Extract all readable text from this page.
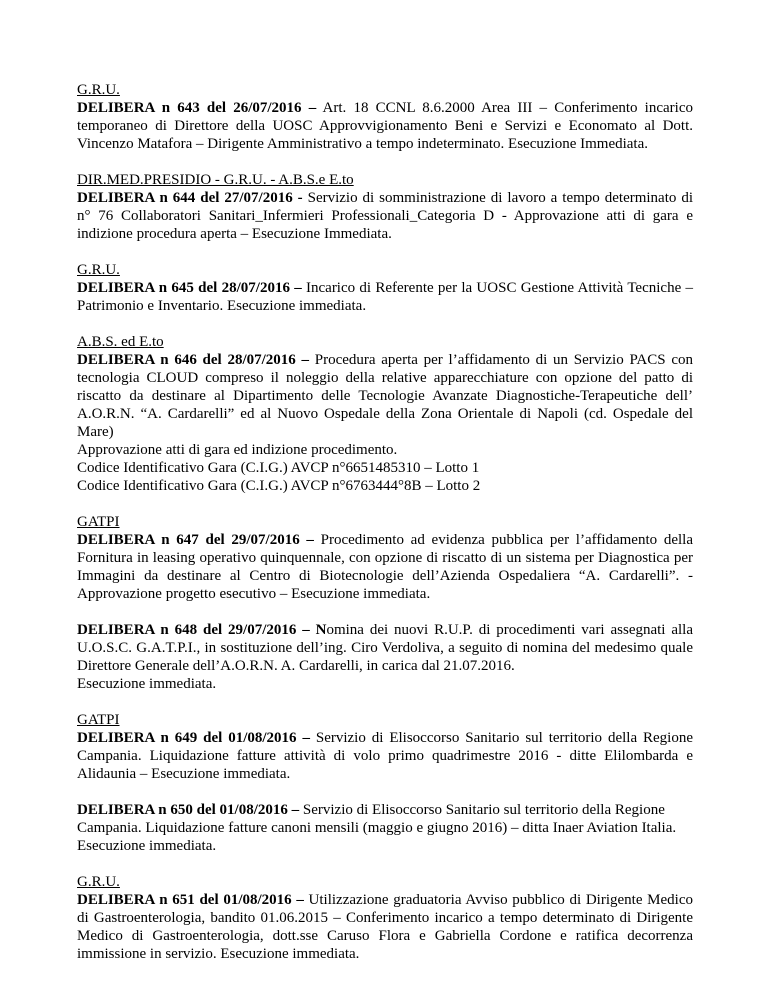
G.R.U.
DELIBERA n 643 del 26/07/2016 – Art. 18 CCNL 8.6.2000 Area III – Conferimento incarico temporaneo di Direttore della UOSC Approvvigionamento Beni e Servizi e Economato al Dott. Vincenzo Matafora – Dirigente Amministrativo a tempo indeterminato. Esecuzione Immediata.

DIR.MED.PRESIDIO - G.R.U. - A.B.S.e E.to
DELIBERA n 644 del 27/07/2016 - Servizio di somministrazione di lavoro a tempo determinato di n° 76 Collaboratori Sanitari_Infermieri Professionali_Categoria D - Approvazione atti di gara e indizione procedura aperta – Esecuzione Immediata.

G.R.U.
DELIBERA n 645 del 28/07/2016 – Incarico di Referente per la UOSC Gestione Attività Tecniche – Patrimonio e Inventario. Esecuzione immediata.

A.B.S. ed E.to
DELIBERA n 646 del 28/07/2016 – Procedura aperta per l’affidamento di un Servizio PACS con tecnologia CLOUD compreso il noleggio della relative apparecchiature con opzione del patto di riscatto da destinare al Dipartimento delle Tecnologie Avanzate Diagnostiche-Terapeutiche dell’ A.O.R.N. “A. Cardarelli” ed al Nuovo Ospedale della Zona Orientale di Napoli (cd. Ospedale del Mare)

Approvazione atti di gara ed indizione procedimento.

Codice Identificativo Gara (C.I.G.) AVCP n°6651485310 – Lotto 1

Codice Identificativo Gara (C.I.G.) AVCP n°6763444°8B – Lotto 2

GATPI
DELIBERA n 647 del 29/07/2016 – Procedimento ad evidenza pubblica per l’affidamento della Fornitura in leasing operativo quinquennale, con opzione di riscatto di un sistema per Diagnostica per Immagini da destinare al Centro di Biotecnologie dell’Azienda Ospedaliera “A. Cardarelli”. - Approvazione progetto esecutivo – Esecuzione immediata.

DELIBERA n 648 del 29/07/2016 – Nomina dei nuovi R.U.P. di procedimenti vari assegnati alla U.O.S.C. G.A.T.P.I., in sostituzione dell’ing. Ciro Verdoliva, a seguito di nomina del medesimo quale Direttore Generale dell’A.O.R.N. A. Cardarelli, in carica dal 21.07.2016.

Esecuzione immediata.

GATPI
DELIBERA n 649 del 01/08/2016 – Servizio di Elisoccorso Sanitario sul territorio della Regione Campania. Liquidazione fatture attività di volo primo quadrimestre 2016 - ditte Elilombarda e Alidaunia – Esecuzione immediata.

DELIBERA n 650 del 01/08/2016 – Servizio di Elisoccorso Sanitario sul territorio della Regione Campania. Liquidazione fatture canoni mensili (maggio e giugno 2016) – ditta Inaer Aviation Italia. Esecuzione immediata.

G.R.U.
DELIBERA n 651 del 01/08/2016 – Utilizzazione graduatoria Avviso pubblico di Dirigente Medico di Gastroenterologia, bandito 01.06.2015 – Conferimento incarico a tempo determinato di Dirigente Medico di Gastroenterologia, dott.sse Caruso Flora e Gabriella Cordone e ratifica decorrenza immissione in servizio. Esecuzione immediata.
